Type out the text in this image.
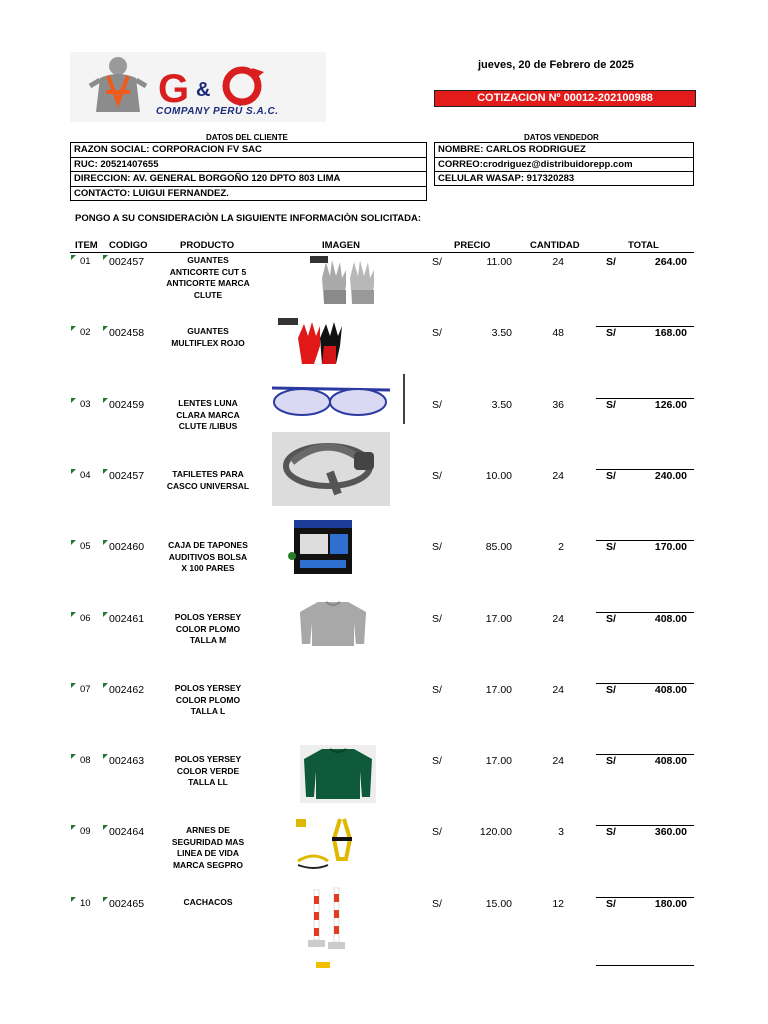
G &
COMPANY PERÚ S.A.C.
jueves, 20 de Febrero de 2025
COTIZACION Nº 00012-202100988
DATOS DEL CLIENTE
RAZON SOCIAL: CORPORACION FV SAC
RUC: 20521407655
DIRECCION: AV. GENERAL BORGOÑO 120 DPTO 803 LIMA
CONTACTO: LUIGUI FERNANDEZ.
DATOS VENDEDOR
NOMBRE: CARLOS RODRIGUEZ
CORREO:crodriguez@distribuidorepp.com
CELULAR WASAP: 917320283
PONGO A SU CONSIDERACIÒN LA SIGUIENTE INFORMACIÒN SOLICITADA:
ITEM CODIGO	PRODUCTO	IMAGEN	PRECIO	CANTIDAD	TOTAL
01 002457	GUANTES
ANTICORTE CUT 5
ANTICORTE MARCA
CLUTE
S/	11.00	24	S/	264.00
02 002458	GUANTES
MULTIFLEX ROJO
S/	3.50	48	S/	168.00
03 002459	LENTES LUNA
CLARA MARCA
CLUTE /LIBUS
S/	3.50	36	S/	126.00
04 002457	TAFILETES PARA
CASCO UNIVERSAL
S/	10.00	24	S/	240.00
05 002460	CAJA DE TAPONES
AUDITIVOS BOLSA
X 100 PARES
S/	85.00	2	S/	170.00
06 002461	POLOS YERSEY
COLOR PLOMO
TALLA M
S/	17.00	24	S/	408.00
07 002462	POLOS YERSEY
COLOR PLOMO
TALLA L
S/	17.00	24	S/	408.00
08 002463	POLOS YERSEY
COLOR VERDE
TALLA LL
S/	17.00	24	S/	408.00
09 002464	ARNES DE
SEGURIDAD MAS
LINEA DE VIDA
MARCA SEGPRO
S/	120.00	3	S/	360.00
10 002465	CACHACOS	S/	15.00	12	S/	180.00
